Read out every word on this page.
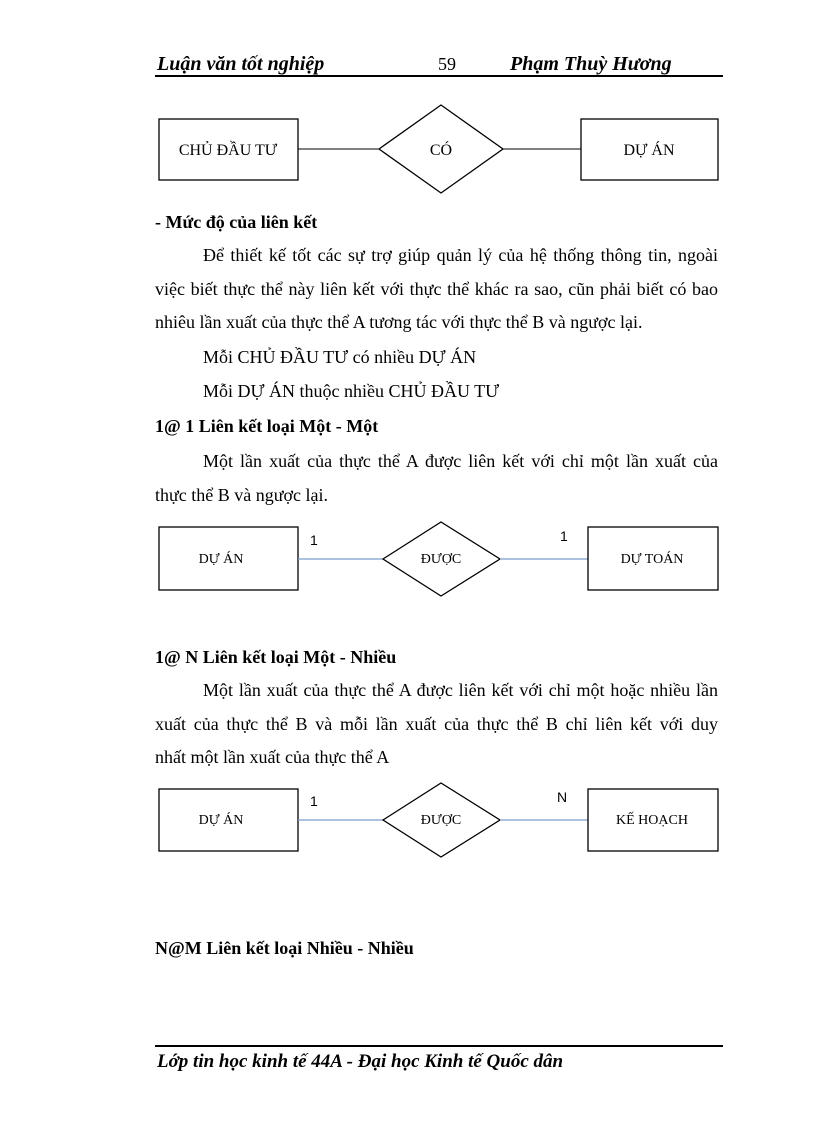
Luận văn tốt nghiệp	59	Phạm Thuỳ Hương
CHỦ ĐẦU TƯ	CÓ	DỰ ÁN
- Mức độ của liên kết
Để thiết kế tốt các sự trợ giúp quản lý của hệ thống thông tin, ngoài
việc biết thực thể này liên kết với thực thể khác ra sao, cũn phải biết có bao
nhiêu lần xuất của thực thể A tương tác với thực thể B và ngược lại.
Mỗi CHỦ ĐẦU TƯ có nhiều DỰ ÁN
Mỗi DỰ ÁN thuộc nhiều CHỦ ĐẦU TƯ
1@ 1 Liên kết loại Một - Một
Một lần xuất của thực thể A được liên kết với chỉ một lần xuất của
thực thể B và ngược lại.
DỰ ÁN	ĐƯỢC	DỰ TOÁN
1	1
1@ N Liên kết loại Một - Nhiều
Một lần xuất của thực thể A được liên kết với chỉ một hoặc nhiều lần
xuất của thực thể B và mỗi lần xuất của thực thể B chỉ liên kết với duy
nhất một lần xuất của thực thể A
DỰ ÁN	ĐƯỢC	KẾ HOẠCH
1	N
N@M Liên kết loại Nhiều - Nhiều
Lớp tin học kinh tế 44A - Đại học Kinh tế Quốc dân
